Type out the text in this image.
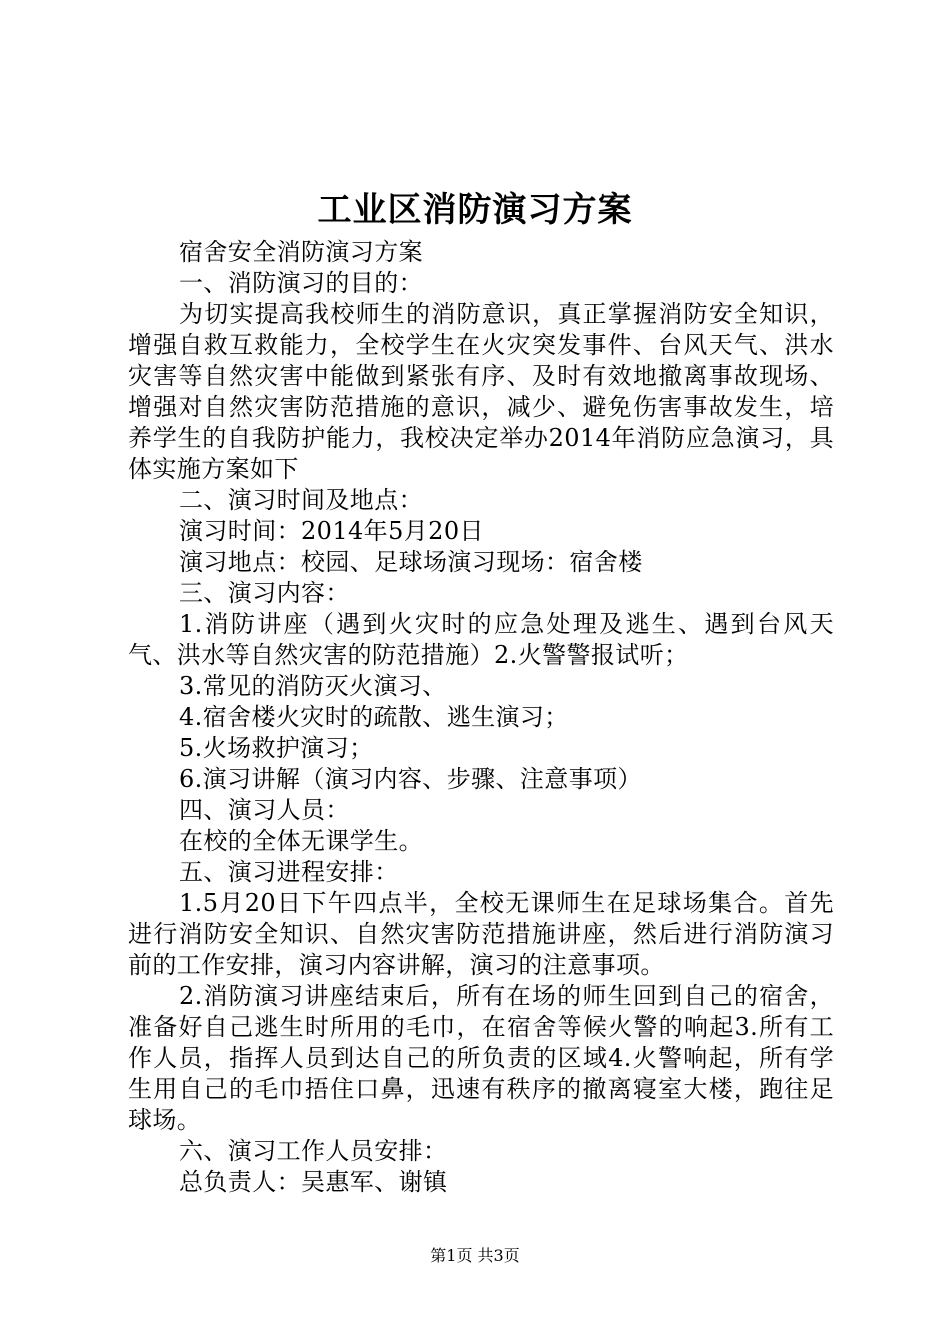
工业区消防演习方案

宿舍安全消防演习方案

一、消防演习的目的：

为切实提高我校师生的消防意识，真正掌握消防安全知识，增强自救互救能力，全校学生在火灾突发事件、台风天气、洪水灾害等自然灾害中能做到紧张有序、及时有效地撤离事故现场、增强对自然灾害防范措施的意识，减少、避免伤害事故发生，培养学生的自我防护能力，我校决定举办2014年消防应急演习，具体实施方案如下

二、演习时间及地点：

演习时间：2014年5月20日

演习地点：校园、足球场演习现场：宿舍楼

三、演习内容：

1.消防讲座（遇到火灾时的应急处理及逃生、遇到台风天气、洪水等自然灾害的防范措施）2.火警警报试听；

3.常见的消防灭火演习、

4.宿舍楼火灾时的疏散、逃生演习；

5.火场救护演习；

6.演习讲解（演习内容、步骤、注意事项）

四、演习人员：

在校的全体无课学生。

五、演习进程安排：

1.5月20日下午四点半，全校无课师生在足球场集合。首先进行消防安全知识、自然灾害防范措施讲座，然后进行消防演习前的工作安排，演习内容讲解，演习的注意事项。

2.消防演习讲座结束后，所有在场的师生回到自己的宿舍，准备好自己逃生时所用的毛巾，在宿舍等候火警的响起3.所有工作人员，指挥人员到达自己的所负责的区域4.火警响起，所有学生用自己的毛巾捂住口鼻，迅速有秩序的撤离寝室大楼，跑往足球场。

六、演习工作人员安排：

总负责人：吴惠军、谢镇

第1页 共3页
